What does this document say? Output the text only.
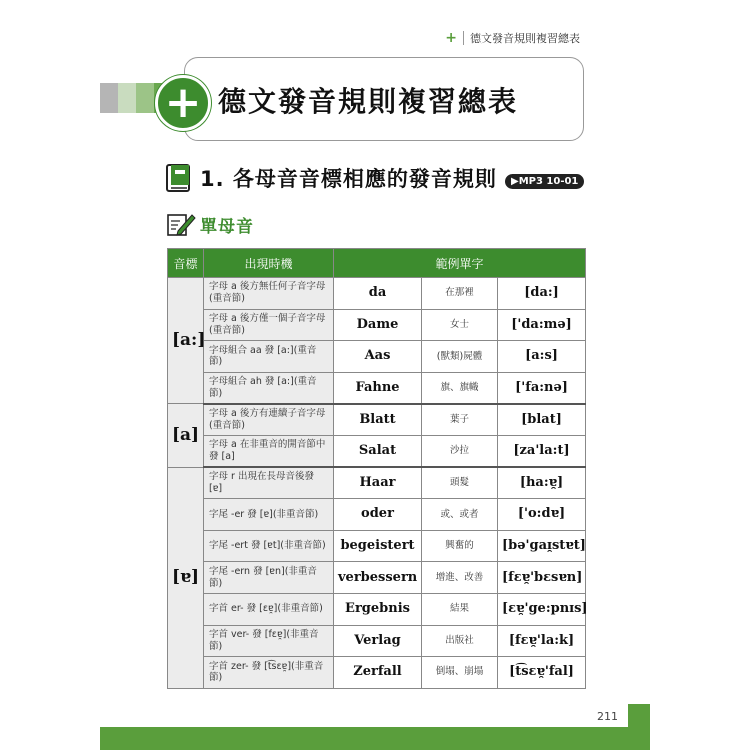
+ 德文發音規則複習總表
+ 德文發音規則複習總表
1. 各母音音標相應的發音規則	▶MP3 10-01
單母音
音標	出現時機	範例單字		
[a:]	字母 a 後方無任何子音字母 (重音節)	da	在那裡	[da:]
	字母 a 後方僅一個子音字母 (重音節)	Dame	女士	['da:mə]
	字母組合 aa 發 [a:](重音節)	Aas	(獸類)屍體	[a:s]
	字母組合 ah 發 [a:](重音節)	Fahne	旗、旗幟	['fa:nə]
[a]	字母 a 後方有連續子音字母 (重音節)	Blatt	葉子	[blat]
	字母 a 在非重音的開音節中發 [a]	Salat	沙拉	[za'la:t]
[ɐ]	字母 r 出現在長母音後發 [ɐ]	Haar	頭髮	[ha:ɐ̯]
	字尾 -er 發 [ɐ](非重音節)	oder	或、或者	['o:dɐ]
	字尾 -ert 發 [ɐt](非重音節)	begeistert	興奮的	[bə'gaɪ̯stɐt]
	字尾 -ern 發 [ɐn](非重音節)	verbessern	增進、改善	[fɛɐ̯'bɛsɐn]
	字首 er- 發 [ɛɐ̯](非重音節)	Ergebnis	結果	[ɛɐ̯'ge:pnɪs]
	字首 ver- 發 [fɛɐ̯](非重音節)	Verlag	出版社	[fɛɐ̯'la:k]
	字首 zer- 發 [t͡sɛɐ̯](非重音節)	Zerfall	倒塌、崩塌	[t͡sɛɐ̯'fal]
211
